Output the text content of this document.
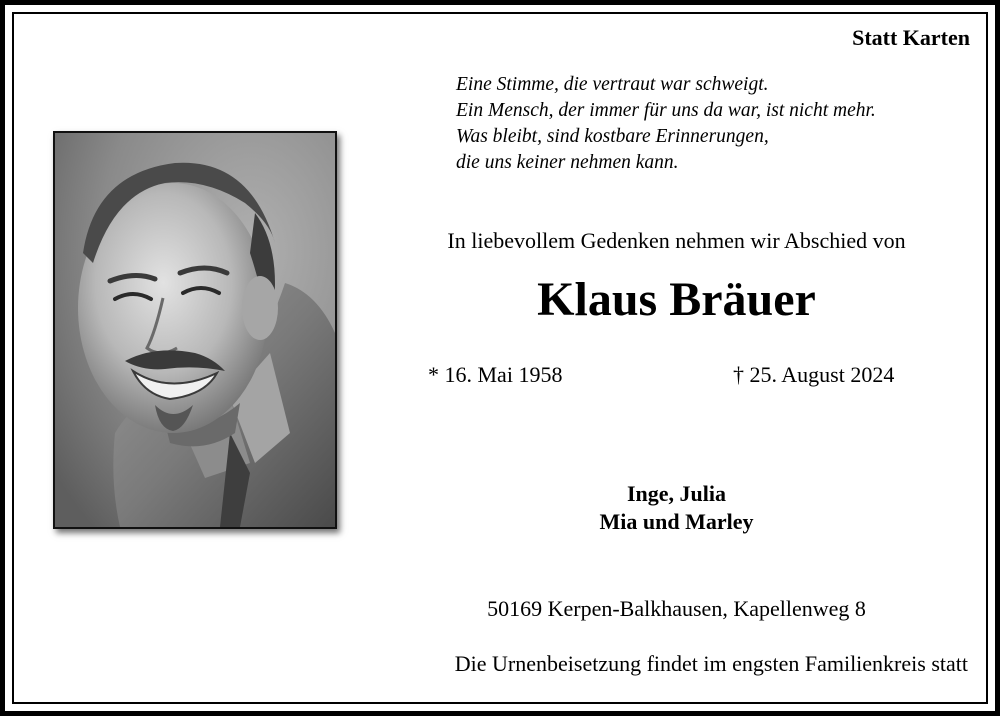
Statt Karten
Eine Stimme, die vertraut war schweigt.
Ein Mensch, der immer für uns da war, ist nicht mehr.
Was bleibt, sind kostbare Erinnerungen,
die uns keiner nehmen kann.
In liebevollem Gedenken nehmen wir Abschied von
Klaus Bräuer
* 16. Mai 1958	† 25. August 2024
Inge, Julia
Mia und Marley
50169 Kerpen-Balkhausen, Kapellenweg 8
Die Urnenbeisetzung findet im engsten Familienkreis statt
